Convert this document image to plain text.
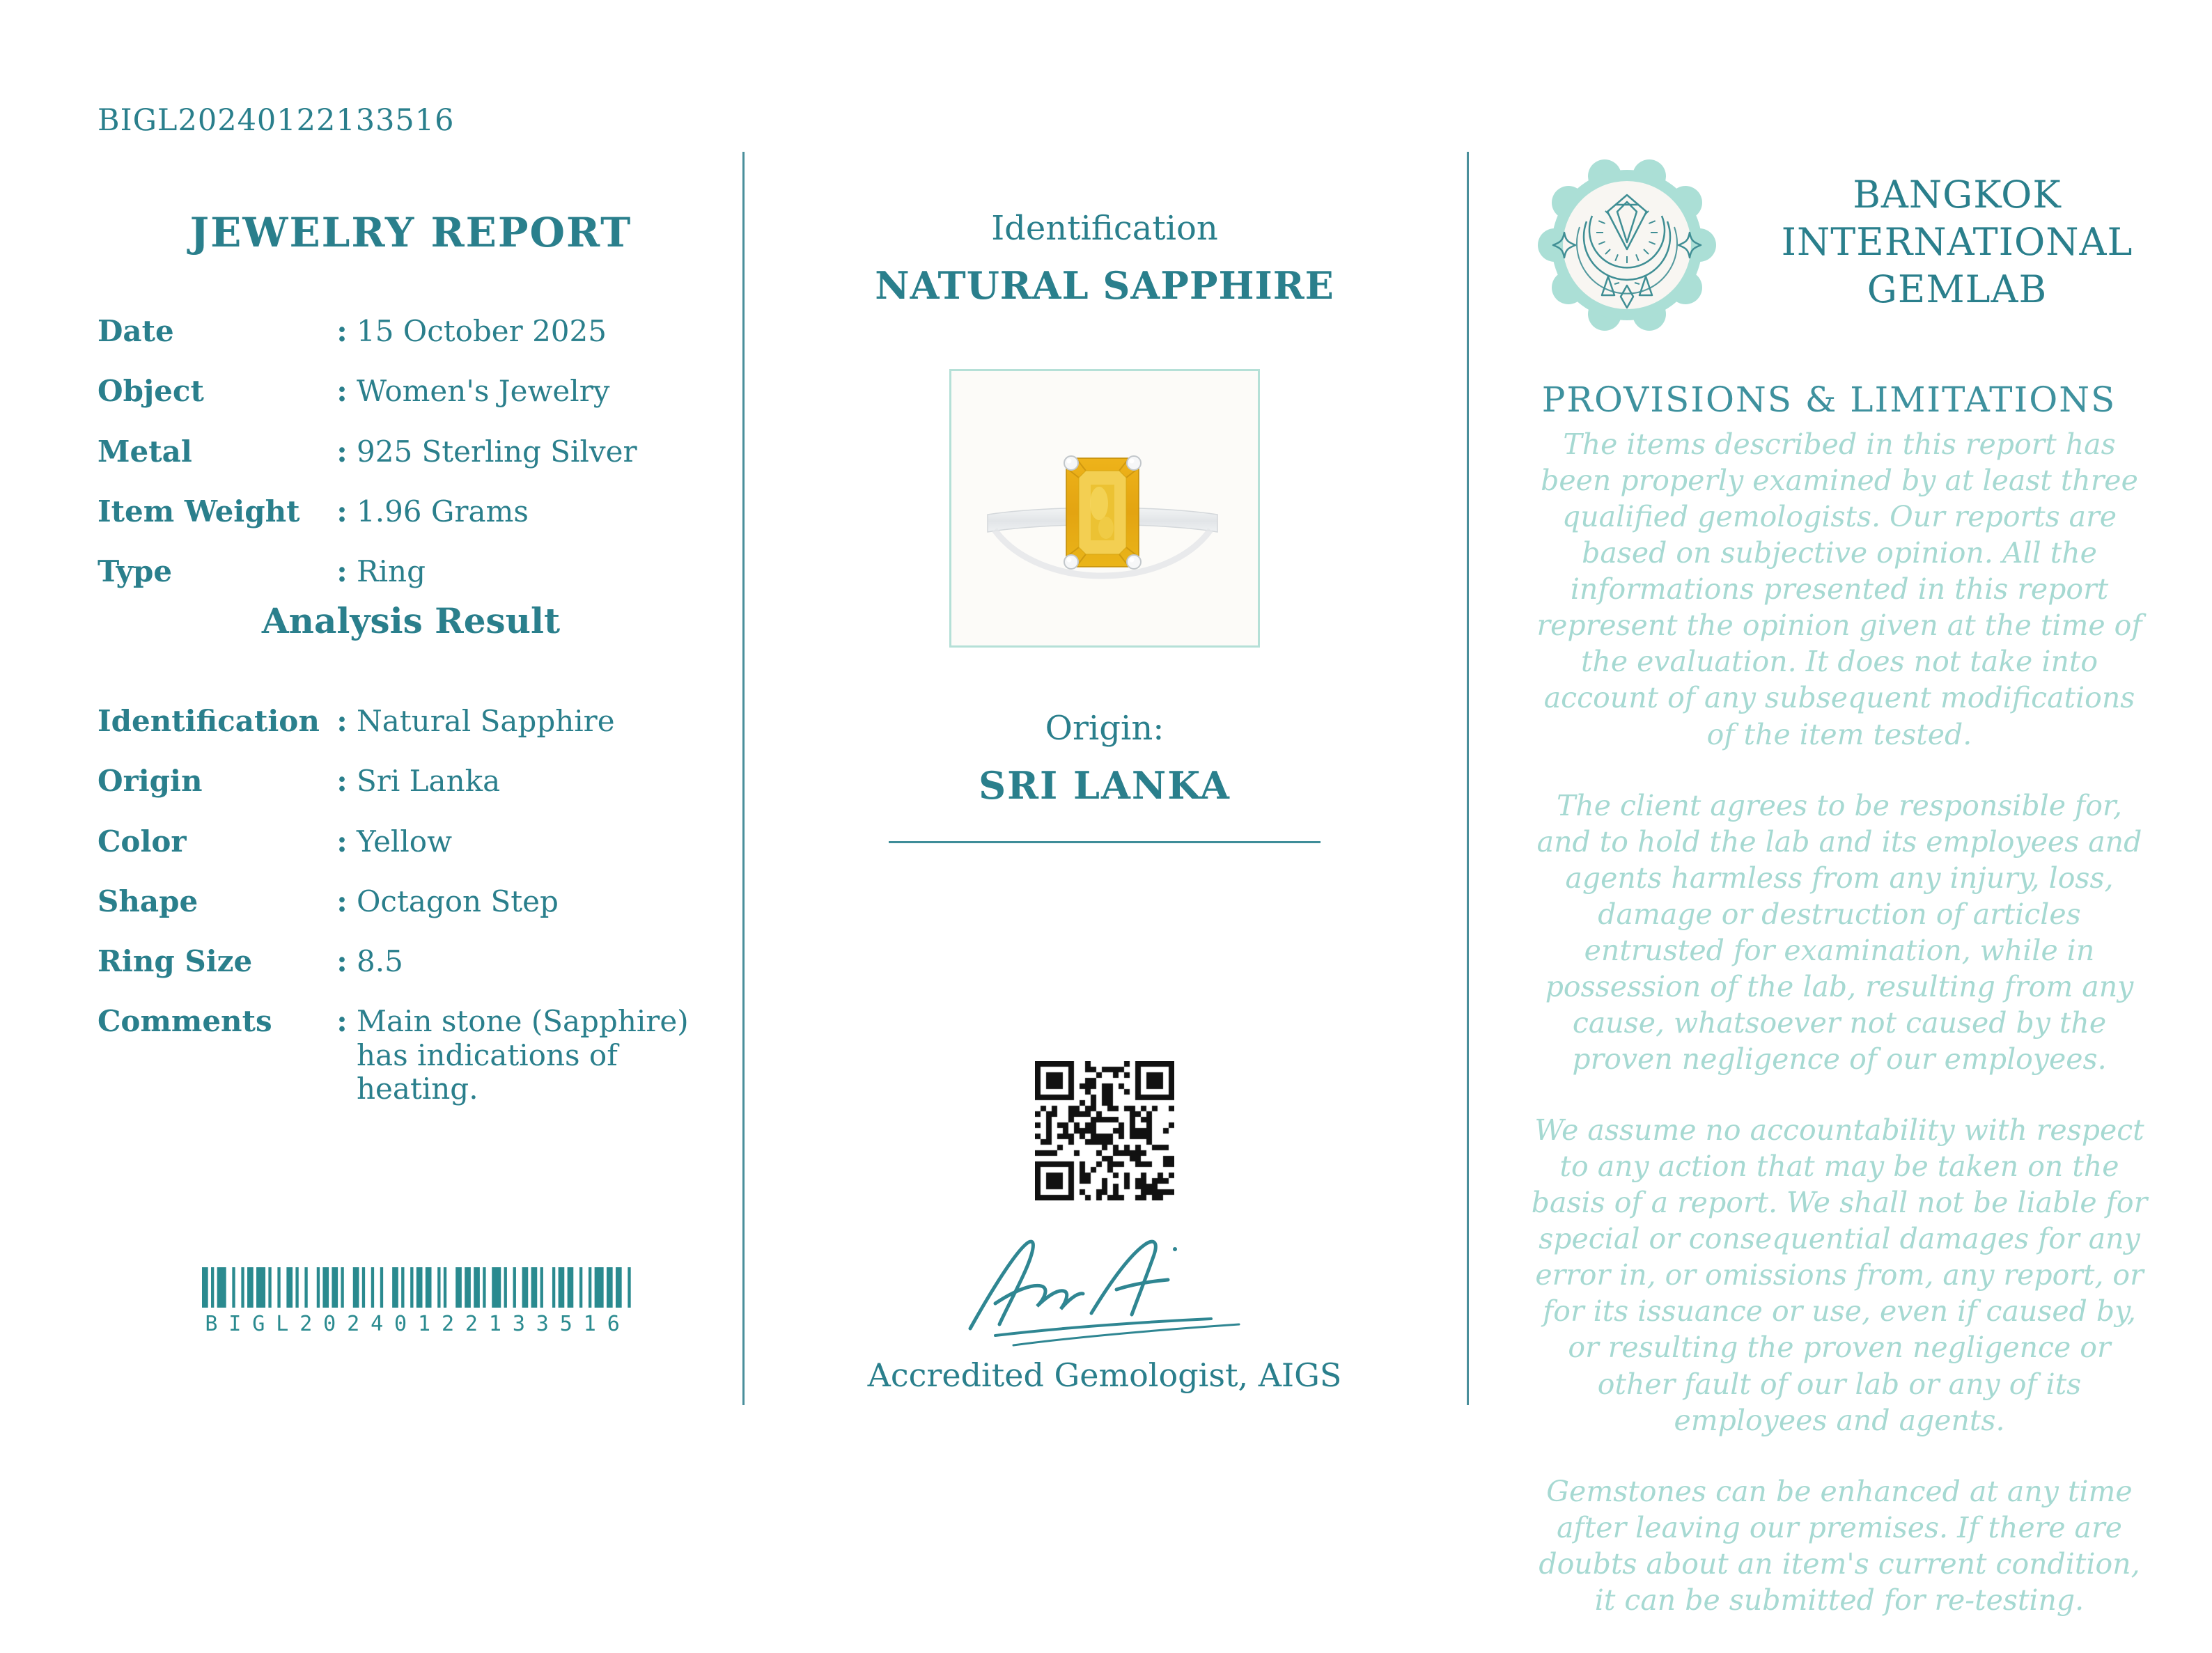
BIGL20240122133516
JEWELRY REPORT
Date	: 15 October 2025
Object	: Women's Jewelry
Metal	: 925 Sterling Silver
Item Weight	: 1.96 Grams
Type	: Ring
Analysis Result
Identification : Natural Sapphire
Origin	: Sri Lanka
Color	: Yellow
Shape	: Octagon Step
Ring Size	: 8.5
Comments	: Main stone (Sapphire) has indications of heating.
BIGL20240122133516
Identification
NATURAL SAPPHIRE
Origin:
SRI LANKA
Accredited Gemologist, AIGS
BANGKOK
INTERNATIONAL
GEMLAB
PROVISIONS & LIMITATIONS

The items described in this report has been properly examined by at least three qualified gemologists. Our reports are based on subjective opinion. All the informations presented in this report represent the opinion given at the time of the evaluation. It does not take into account of any subsequent modifications of the item tested.

The client agrees to be responsible for, and to hold the lab and its employees and agents harmless from any injury, loss, damage or destruction of articles entrusted for examination, while in possession of the lab, resulting from any cause, whatsoever not caused by the proven negligence of our employees.

We assume no accountability with respect to any action that may be taken on the basis of a report. We shall not be liable for special or consequential damages for any error in, or omissions from, any report, or for its issuance or use, even if caused by, or resulting the proven negligence or other fault of our lab or any of its employees and agents.

Gemstones can be enhanced at any time after leaving our premises. If there are doubts about an item's current condition, it can be submitted for re-testing.
